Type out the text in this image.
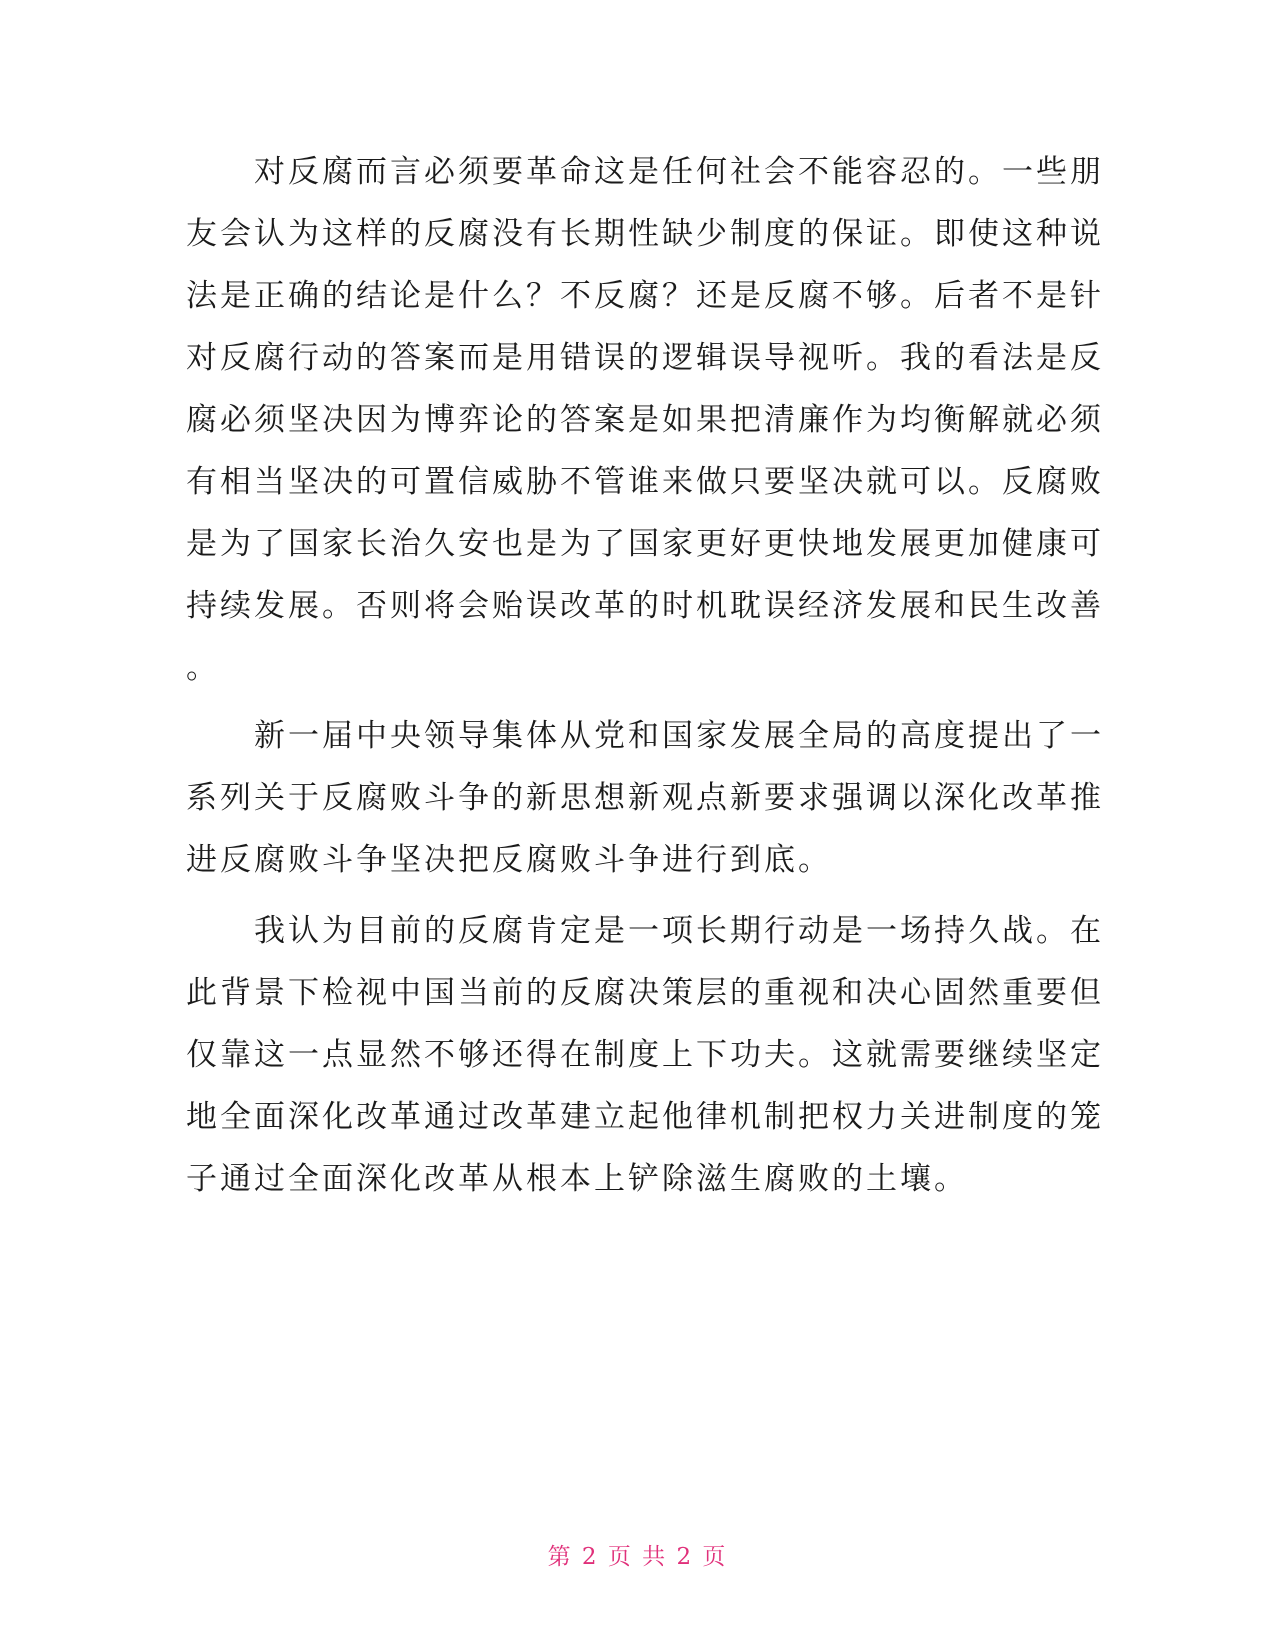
　　对反腐而言必须要革命这是任何社会不能容忍的。一些朋
友会认为这样的反腐没有长期性缺少制度的保证。即使这种说
法是正确的结论是什么？不反腐？还是反腐不够。后者不是针
对反腐行动的答案而是用错误的逻辑误导视听。我的看法是反
腐必须坚决因为博弈论的答案是如果把清廉作为均衡解就必须
有相当坚决的可置信威胁不管谁来做只要坚决就可以。反腐败
是为了国家长治久安也是为了国家更好更快地发展更加健康可
持续发展。否则将会贻误改革的时机耽误经济发展和民生改善
。
　　新一届中央领导集体从党和国家发展全局的高度提出了一
系列关于反腐败斗争的新思想新观点新要求强调以深化改革推
进反腐败斗争坚决把反腐败斗争进行到底。
　　我认为目前的反腐肯定是一项长期行动是一场持久战。在
此背景下检视中国当前的反腐决策层的重视和决心固然重要但
仅靠这一点显然不够还得在制度上下功夫。这就需要继续坚定
地全面深化改革通过改革建立起他律机制把权力关进制度的笼
子通过全面深化改革从根本上铲除滋生腐败的土壤。
第 2 页 共 2 页
